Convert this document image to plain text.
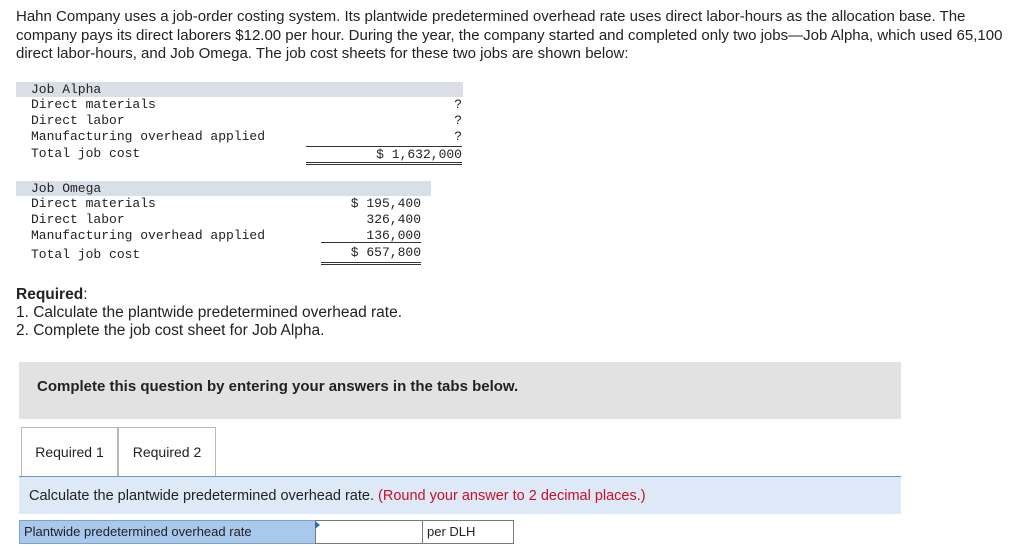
Hahn Company uses a job-order costing system. Its plantwide predetermined overhead rate uses direct labor-hours as the allocation base. The company pays its direct laborers $12.00 per hour. During the year, the company started and completed only two jobs—Job Alpha, which used 65,100 direct labor-hours, and Job Omega. The job cost sheets for these two jobs are shown below:
Job Alpha
Direct materials	?
Direct labor	?
Manufacturing overhead applied	?
Total job cost	$ 1,632,000
Job Omega
Direct materials	$ 195,400
Direct labor	326,400
Manufacturing overhead applied	136,000
Total job cost	$ 657,800
Required:
1. Calculate the plantwide predetermined overhead rate.
2. Complete the job cost sheet for Job Alpha.
Complete this question by entering your answers in the tabs below.
Required 1	Required 2
Calculate the plantwide predetermined overhead rate. (Round your answer to 2 decimal places.)
Plantwide predetermined overhead rate	per DLH
